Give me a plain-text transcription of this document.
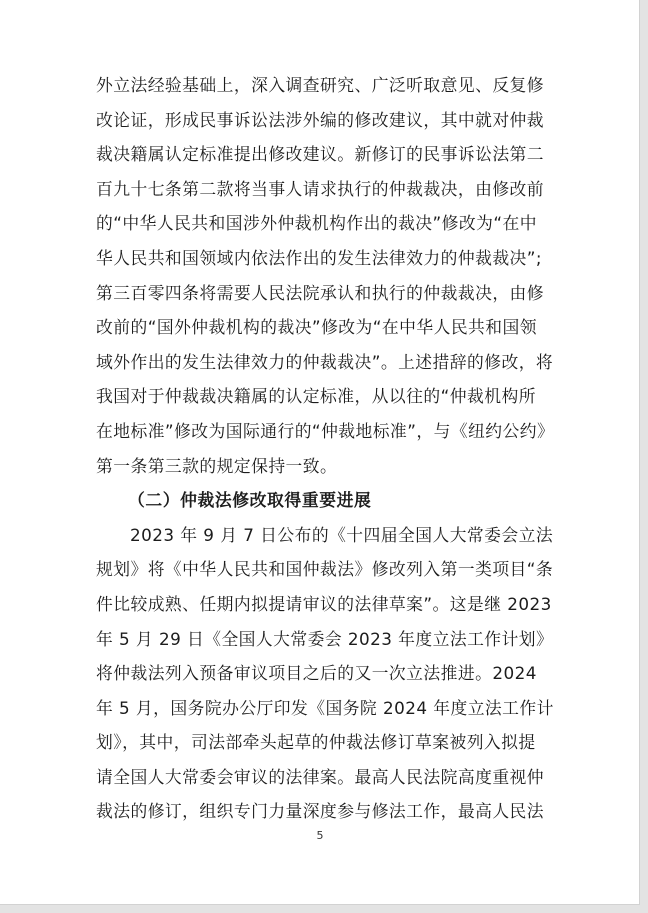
外立法经验基础上，深入调查研究、广泛听取意见、反复修
改论证，形成民事诉讼法涉外编的修改建议，其中就对仲裁
裁决籍属认定标准提出修改建议。新修订的民事诉讼法第二
百九十七条第二款将当事人请求执行的仲裁裁决，由修改前
的“中华人民共和国涉外仲裁机构作出的裁决”修改为“在中
华人民共和国领域内依法作出的发生法律效力的仲裁裁决”;
第三百零四条将需要人民法院承认和执行的仲裁裁决，由修
改前的“国外仲裁机构的裁决”修改为“在中华人民共和国领
域外作出的发生法律效力的仲裁裁决”。上述措辞的修改，将
我国对于仲裁裁决籍属的认定标准，从以往的“仲裁机构所
在地标准”修改为国际通行的“仲裁地标准”，与《纽约公约》
第一条第三款的规定保持一致。
（二）仲裁法修改取得重要进展
2023 年 9 月 7 日公布的《十四届全国人大常委会立法
规划》将《中华人民共和国仲裁法》修改列入第一类项目“条
件比较成熟、任期内拟提请审议的法律草案”。这是继 2023
年 5 月 29 日《全国人大常委会 2023 年度立法工作计划》
将仲裁法列入预备审议项目之后的又一次立法推进。2024
年 5 月，国务院办公厅印发《国务院 2024 年度立法工作计
划》，其中，司法部牵头起草的仲裁法修订草案被列入拟提
请全国人大常委会审议的法律案。最高人民法院高度重视仲
裁法的修订，组织专门力量深度参与修法工作，最高人民法
5
